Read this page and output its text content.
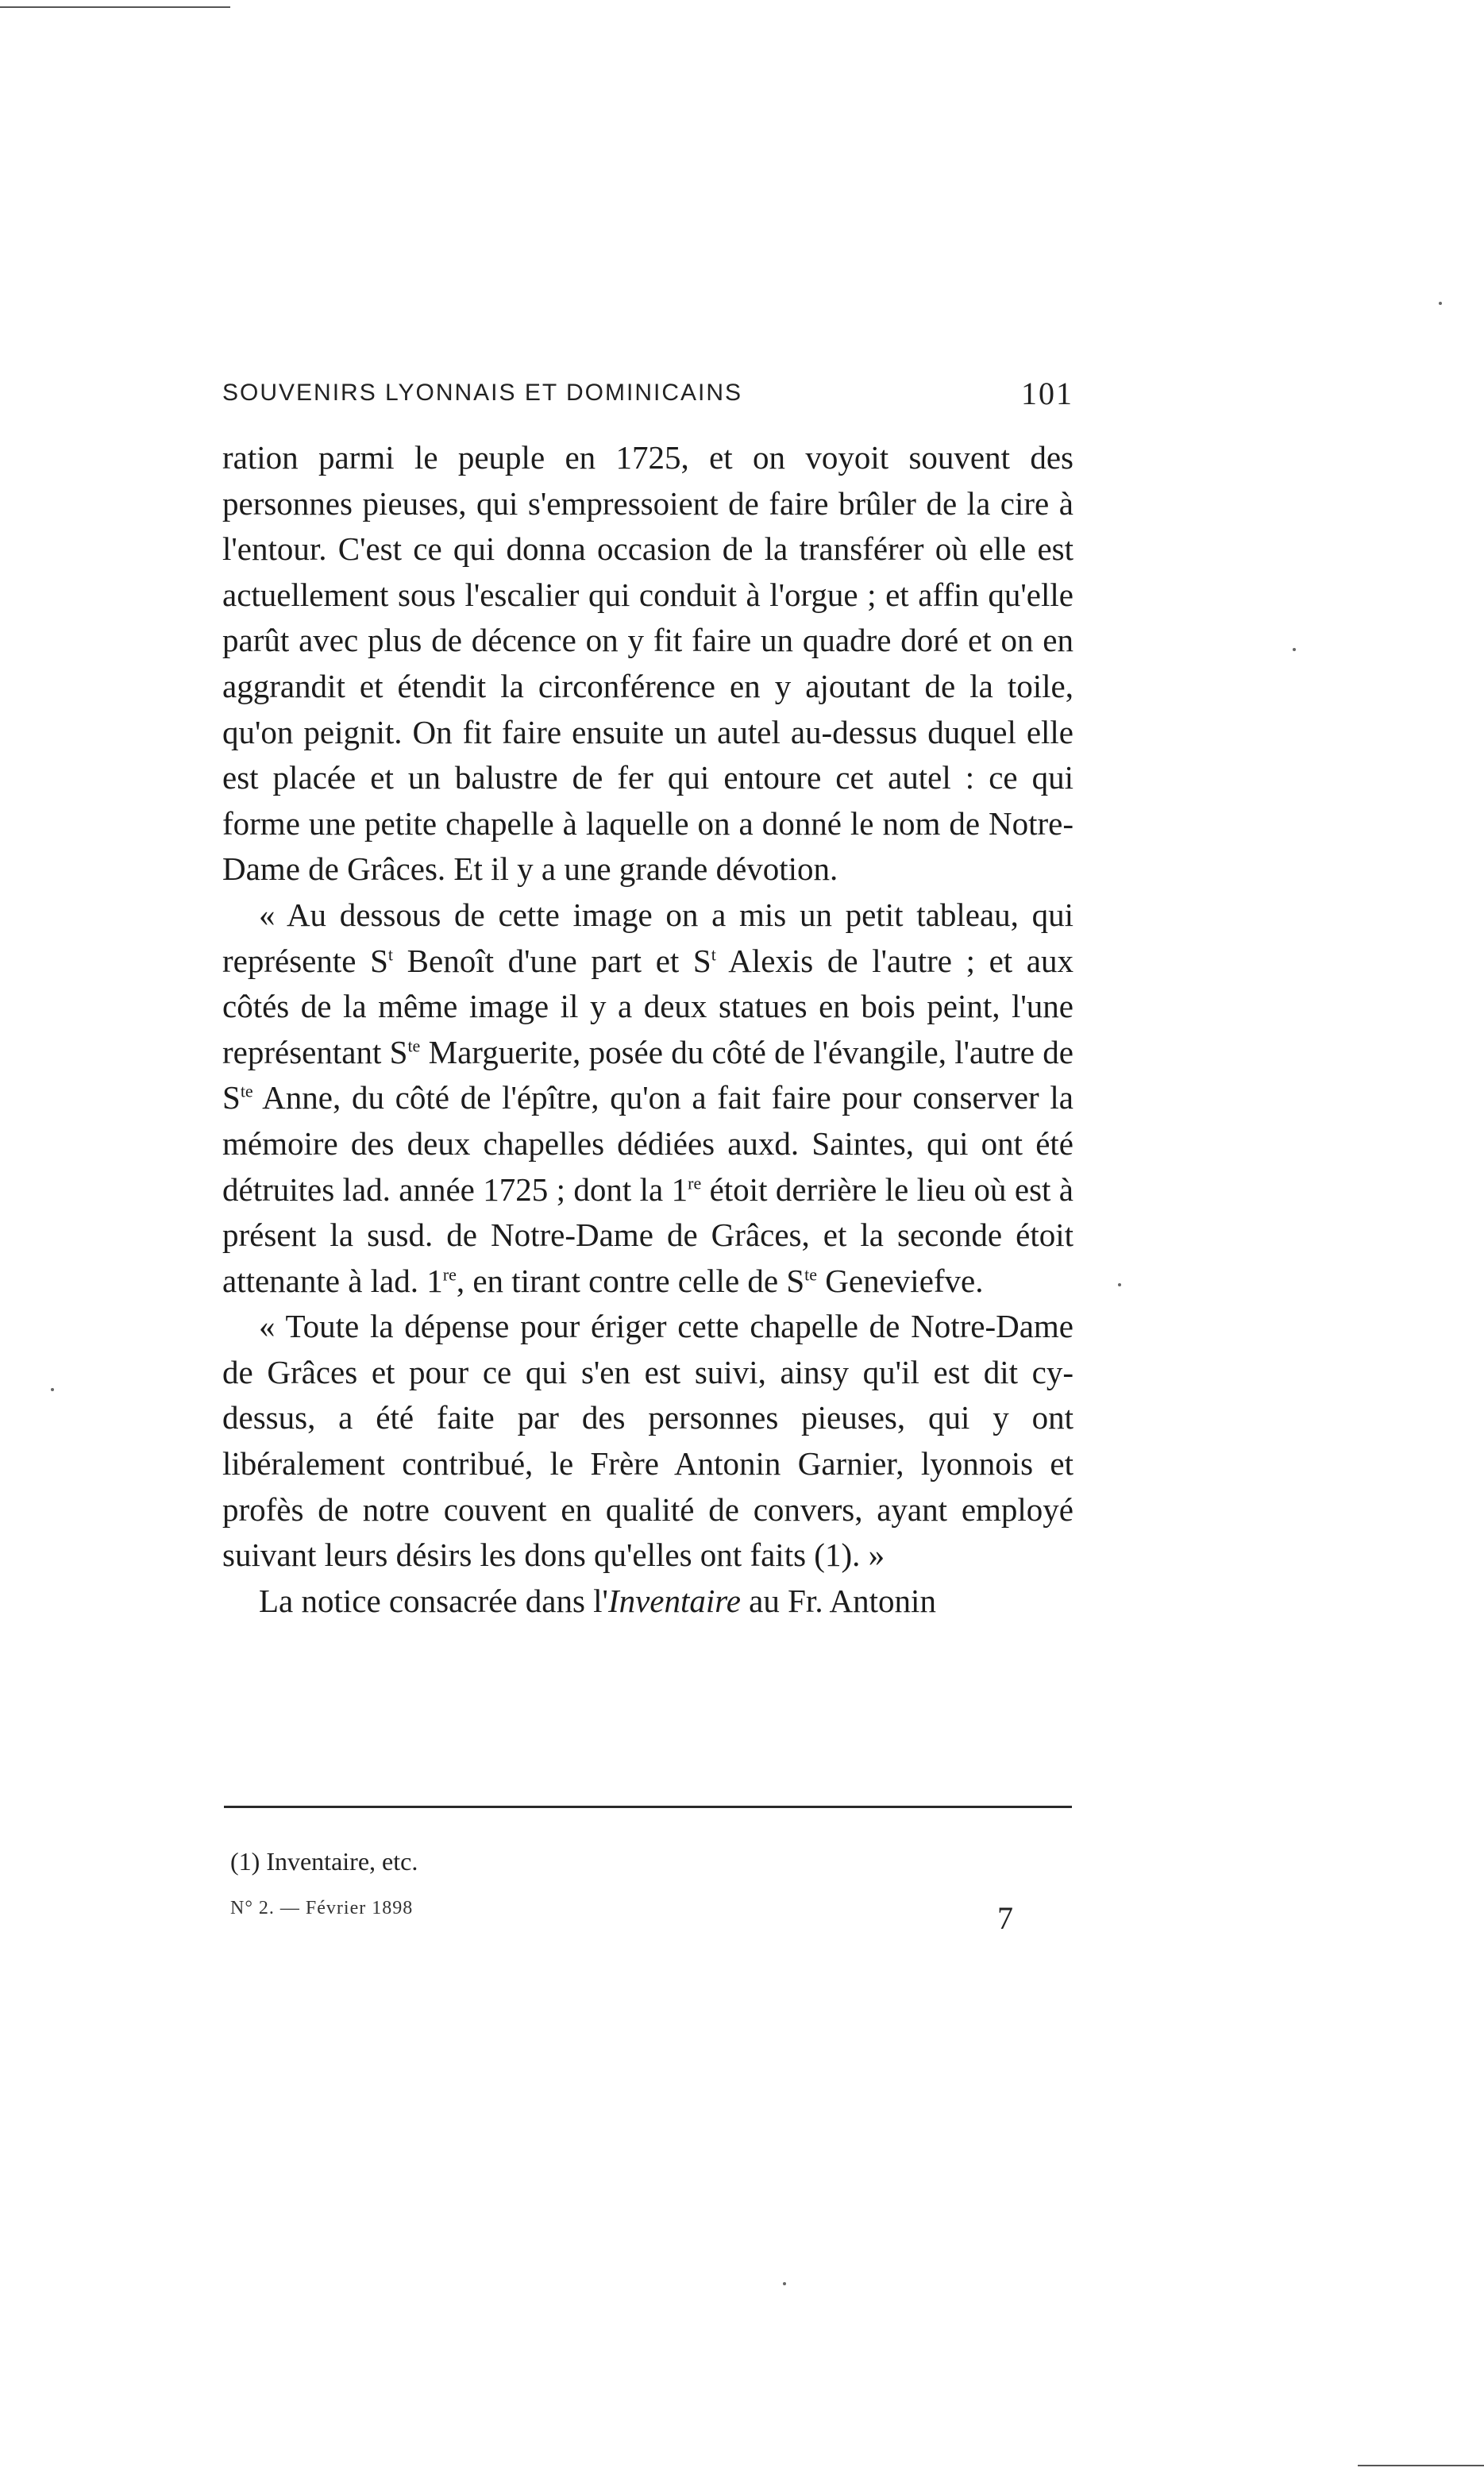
SOUVENIRS LYONNAIS ET DOMINICAINS	101

ration parmi le peuple en 1725, et on voyoit souvent des personnes pieuses, qui s'empressoient de faire brûler de la cire à l'entour. C'est ce qui donna occasion de la transférer où elle est actuellement sous l'escalier qui conduit à l'orgue ; et affin qu'elle parût avec plus de décence on y fit faire un quadre doré et on en aggrandit et étendit la circonférence en y ajoutant de la toile, qu'on peignit. On fit faire ensuite un autel au-dessus duquel elle est placée et un balustre de fer qui entoure cet autel : ce qui forme une petite chapelle à laquelle on a donné le nom de Notre-Dame de Grâces. Et il y a une grande dévotion.

« Au dessous de cette image on a mis un petit tableau, qui représente $S^t$ Benoît d'une part et $S^t$ Alexis de l'autre ; et aux côtés de la même image il y a deux statues en bois peint, l'une représentant $S^{te}$ Marguerite, posée du côté de l'évangile, l'autre de $S^{te}$ Anne, du côté de l'épître, qu'on a fait faire pour conserver la mémoire des deux chapelles dédiées auxd. Saintes, qui ont été détruites lad. année 1725 ; dont la 1re étoit derrière le lieu où est à présent la susd. de Notre-Dame de Grâces, et la seconde étoit attenante à lad. 1re, en tirant contre celle de $S^{te}$ Geneviefve.

« Toute la dépense pour ériger cette chapelle de Notre-Dame de Grâces et pour ce qui s'en est suivi, ainsy qu'il est dit cy-dessus, a été faite par des personnes pieuses, qui y ont libéralement contribué, le Frère Antonin Garnier, lyonnois et profès de notre couvent en qualité de convers, ayant employé suivant leurs désirs les dons qu'elles ont faits (1). »

La notice consacrée dans l'Inventaire au Fr. Antonin

(1) Inventaire, etc.
N° 2. — Février 1898	7
